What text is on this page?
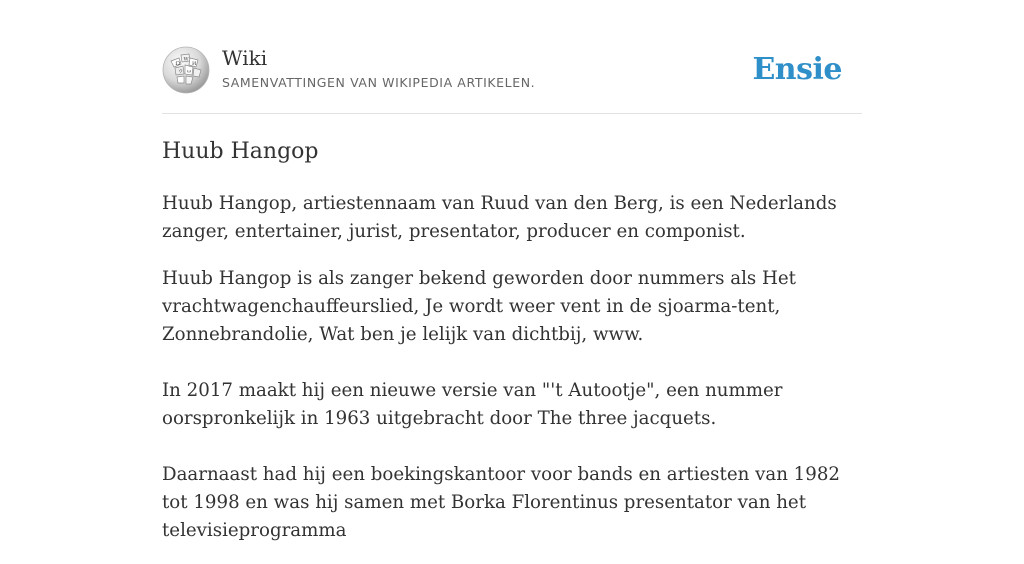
Ω
W
И
ω
ウ
Wiki
SAMENVATTINGEN VAN WIKIPEDIA ARTIKELEN.	Ensie
Huub Hangop

Huub Hangop, artiestennaam van Ruud van den Berg, is een Nederlands zanger, entertainer, jurist, presentator, producer en componist.

Huub Hangop is als zanger bekend geworden door nummers als Het vrachtwagenchauffeurslied, Je wordt weer vent in de sjoarma-tent, Zonnebrandolie, Wat ben je lelijk van dichtbij, www.

In 2017 maakt hij een nieuwe versie van "'t Autootje", een nummer oorspronkelijk in 1963 uitgebracht door The three jacquets.

Daarnaast had hij een boekingskantoor voor bands en artiesten van 1982 tot 1998 en was hij samen met Borka Florentinus presentator van het televisieprogramma
